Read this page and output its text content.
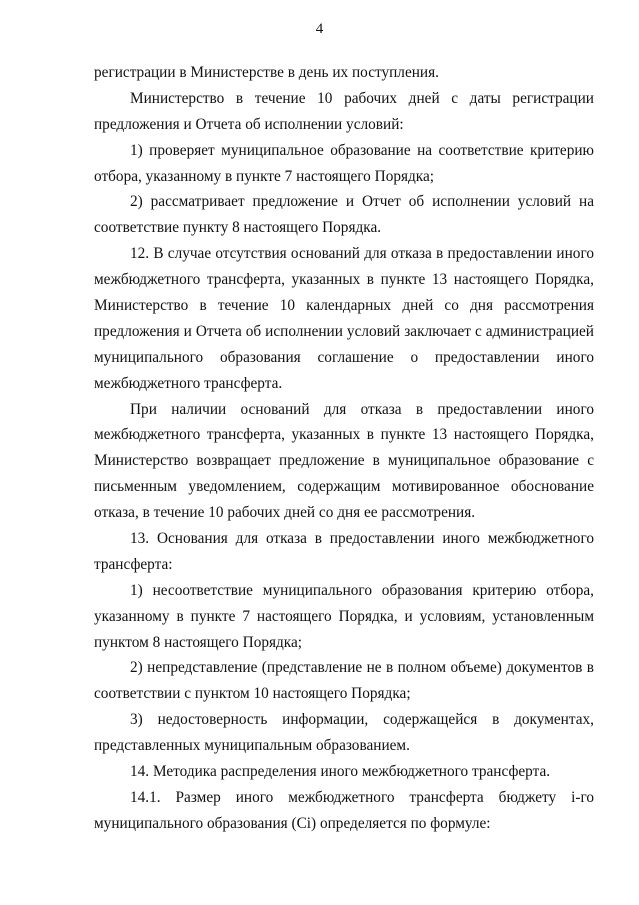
4
регистрации в Министерстве в день их поступления.
Министерство в течение 10 рабочих дней с даты регистрации
предложения и Отчета об исполнении условий:
1) проверяет муниципальное образование на соответствие критерию
отбора, указанному в пункте 7 настоящего Порядка;
2) рассматривает предложение и Отчет об исполнении условий на
соответствие пункту 8 настоящего Порядка.
12. В случае отсутствия оснований для отказа в предоставлении иного
межбюджетного трансферта, указанных в пункте 13 настоящего Порядка,
Министерство в течение 10 календарных дней со дня рассмотрения
предложения и Отчета об исполнении условий заключает с администрацией
муниципального образования соглашение о предоставлении иного
межбюджетного трансферта.
При наличии оснований для отказа в предоставлении иного
межбюджетного трансферта, указанных в пункте 13 настоящего Порядка,
Министерство возвращает предложение в муниципальное образование с
письменным уведомлением, содержащим мотивированное обоснование
отказа, в течение 10 рабочих дней со дня ее рассмотрения.
13. Основания для отказа в предоставлении иного межбюджетного
трансферта:
1) несоответствие муниципального образования критерию отбора,
указанному в пункте 7 настоящего Порядка, и условиям, установленным
пунктом 8 настоящего Порядка;
2) непредставление (представление не в полном объеме) документов в
соответствии с пунктом 10 настоящего Порядка;
3) недостоверность информации, содержащейся в документах,
представленных муниципальным образованием.
14. Методика распределения иного межбюджетного трансферта.
14.1. Размер иного межбюджетного трансферта бюджету i-го
муниципального образования (Ci) определяется по формуле:
